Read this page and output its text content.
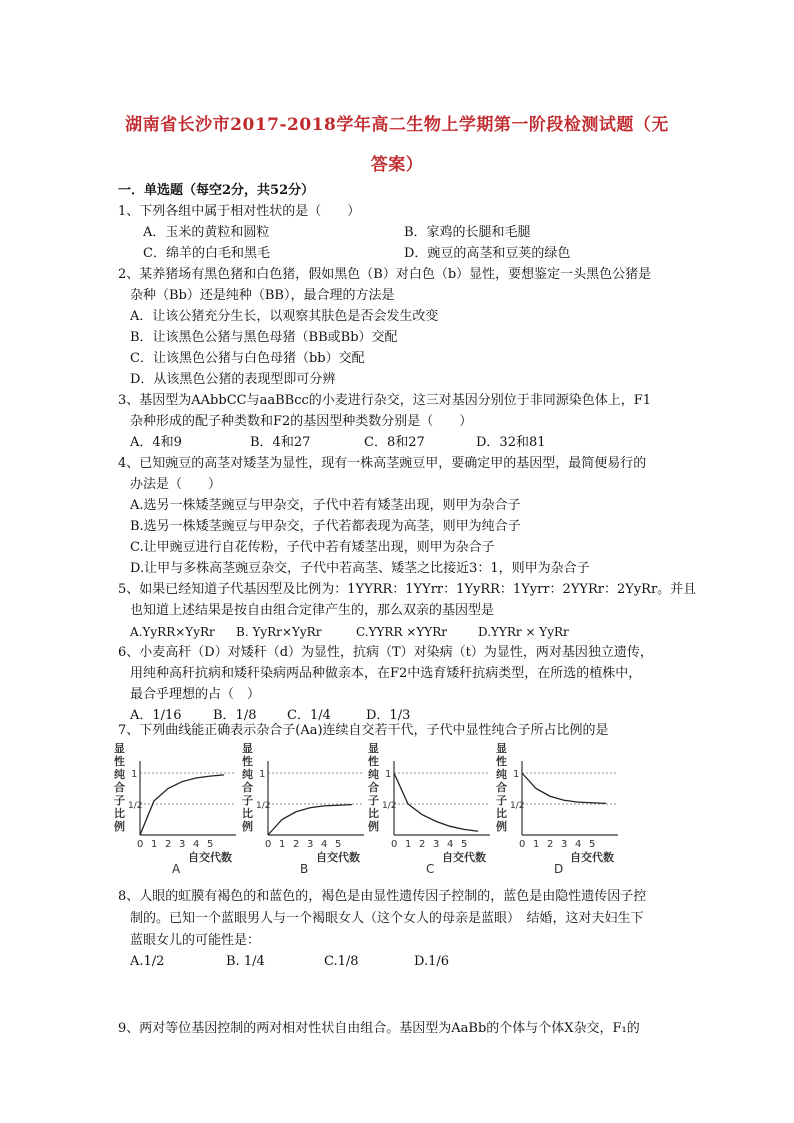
湖南省长沙市2017-2018学年高二生物上学期第一阶段检测试题（无
答案）
一．单选题（每空2分，共52分）
1、下列各组中属于相对性状的是（　　）
A．玉米的黄粒和圆粒	B．家鸡的长腿和毛腿
C．绵羊的白毛和黑毛	D．豌豆的高茎和豆荚的绿色
2、某养猪场有黑色猪和白色猪，假如黑色（B）对白色（b）显性，要想鉴定一头黑色公猪是
杂种（Bb）还是纯种（BB），最合理的方法是
A．让该公猪充分生长，以观察其肤色是否会发生改变
B．让该黑色公猪与黑色母猪（BB或Bb）交配
C．让该黑色公猪与白色母猪（bb）交配
D．从该黑色公猪的表现型即可分辨
3、基因型为AAbbCC与aaBBcc的小麦进行杂交，这三对基因分别位于非同源染色体上，F1
杂种形成的配子种类数和F2的基因型种类数分别是（　　）
A．4和9	B．4和27	C．8和27	D．32和81
4、已知豌豆的高茎对矮茎为显性，现有一株高茎豌豆甲，要确定甲的基因型，最简便易行的
办法是（　　）
A.选另一株矮茎豌豆与甲杂交，子代中若有矮茎出现，则甲为杂合子
B.选另一株矮茎豌豆与甲杂交，子代若都表现为高茎，则甲为纯合子
C.让甲豌豆进行自花传粉，子代中若有矮茎出现，则甲为杂合子
D.让甲与多株高茎豌豆杂交，子代中若高茎、矮茎之比接近3：1，则甲为杂合子
5、如果已经知道子代基因型及比例为：1YYRR：1YYrr：1YyRR：1Yyrr：2YYRr：2YyRr。并且
也知道上述结果是按自由组合定律产生的，那么双亲的基因型是
A.YyRR×YyRr B. YyRr×YyRr	C.YYRR ×YYRr	D.YYRr × YyRr
6、小麦高秆（D）对矮秆（d）为显性，抗病（T）对染病（t）为显性，两对基因独立遗传，
用纯种高秆抗病和矮秆染病两品种做亲本，在F2中选育矮秆抗病类型，在所选的植株中，
最合乎理想的占（　）
A．1/16 B．1/8 C．1/4	D．1/3
7、下列曲线能正确表示杂合子(Aa)连续自交若干代，子代中显性纯合子所占比例的是
显
性
纯
合
子
比
例
1
1/2
0 1 2 3 4 5
自交代数
A
显
性
纯
合
子
比
例
1
1/2
0 1 2 3 4 5
自交代数
B
显
性
纯
合
子
比
例
1
1/2
0 1 2 3 4 5
自交代数
C
显
性
纯
合
子
比
例
1
1/2
0 1 2 3 4 5
自交代数
D
8、人眼的虹膜有褐色的和蓝色的，褐色是由显性遗传因子控制的，蓝色是由隐性遗传因子控
制的。已知一个蓝眼男人与一个褐眼女人（这个女人的母亲是蓝眼）　结婚，这对夫妇生下
蓝眼女儿的可能性是：
A.1/2	B. 1/4	C.1/8	D.1/6
9、两对等位基因控制的两对相对性状自由组合。基因型为AaBb的个体与个体X杂交，F₁的
